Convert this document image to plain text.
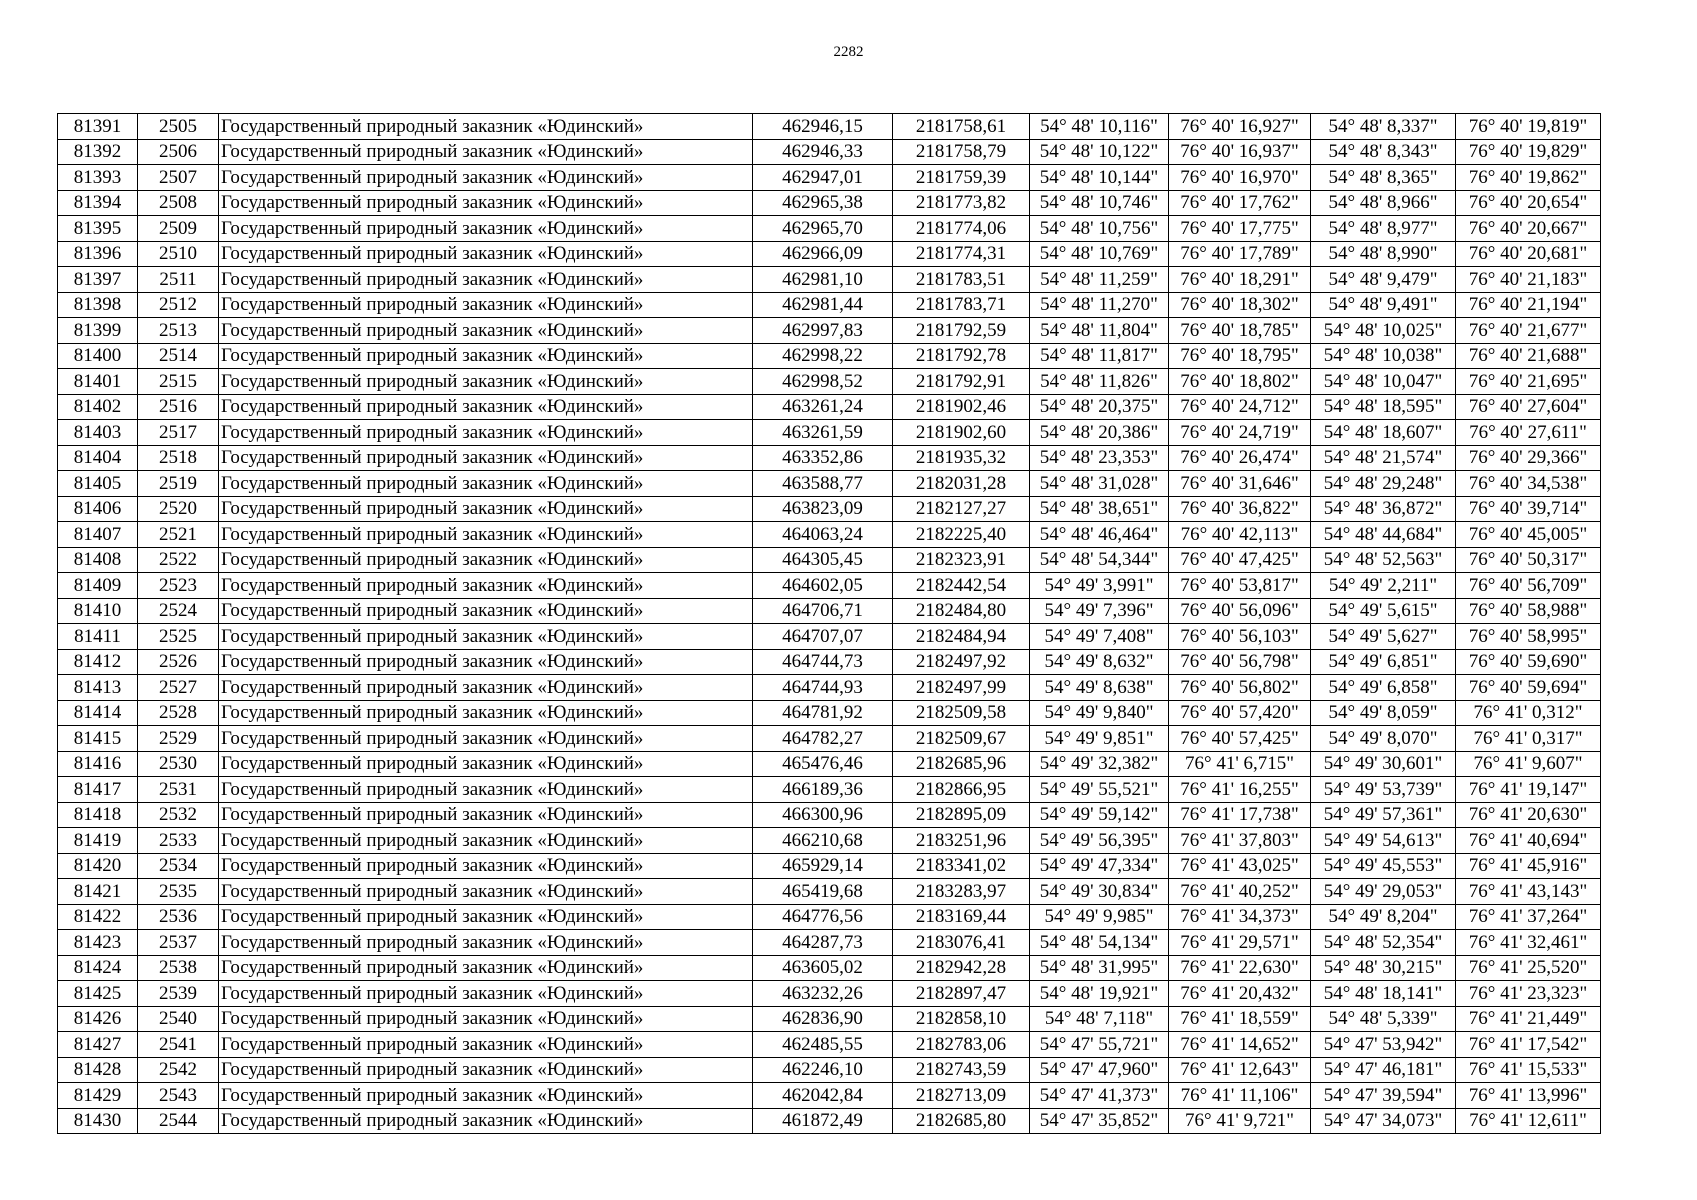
2282
81391	2505	Государственный природный заказник «Юдинский»	462946,15	2181758,61	54° 48' 10,116"	76° 40' 16,927"	54° 48' 8,337"	76° 40' 19,819"
81392	2506	Государственный природный заказник «Юдинский»	462946,33	2181758,79	54° 48' 10,122"	76° 40' 16,937"	54° 48' 8,343"	76° 40' 19,829"
81393	2507	Государственный природный заказник «Юдинский»	462947,01	2181759,39	54° 48' 10,144"	76° 40' 16,970"	54° 48' 8,365"	76° 40' 19,862"
81394	2508	Государственный природный заказник «Юдинский»	462965,38	2181773,82	54° 48' 10,746"	76° 40' 17,762"	54° 48' 8,966"	76° 40' 20,654"
81395	2509	Государственный природный заказник «Юдинский»	462965,70	2181774,06	54° 48' 10,756"	76° 40' 17,775"	54° 48' 8,977"	76° 40' 20,667"
81396	2510	Государственный природный заказник «Юдинский»	462966,09	2181774,31	54° 48' 10,769"	76° 40' 17,789"	54° 48' 8,990"	76° 40' 20,681"
81397	2511	Государственный природный заказник «Юдинский»	462981,10	2181783,51	54° 48' 11,259"	76° 40' 18,291"	54° 48' 9,479"	76° 40' 21,183"
81398	2512	Государственный природный заказник «Юдинский»	462981,44	2181783,71	54° 48' 11,270"	76° 40' 18,302"	54° 48' 9,491"	76° 40' 21,194"
81399	2513	Государственный природный заказник «Юдинский»	462997,83	2181792,59	54° 48' 11,804"	76° 40' 18,785"	54° 48' 10,025"	76° 40' 21,677"
81400	2514	Государственный природный заказник «Юдинский»	462998,22	2181792,78	54° 48' 11,817"	76° 40' 18,795"	54° 48' 10,038"	76° 40' 21,688"
81401	2515	Государственный природный заказник «Юдинский»	462998,52	2181792,91	54° 48' 11,826"	76° 40' 18,802"	54° 48' 10,047"	76° 40' 21,695"
81402	2516	Государственный природный заказник «Юдинский»	463261,24	2181902,46	54° 48' 20,375"	76° 40' 24,712"	54° 48' 18,595"	76° 40' 27,604"
81403	2517	Государственный природный заказник «Юдинский»	463261,59	2181902,60	54° 48' 20,386"	76° 40' 24,719"	54° 48' 18,607"	76° 40' 27,611"
81404	2518	Государственный природный заказник «Юдинский»	463352,86	2181935,32	54° 48' 23,353"	76° 40' 26,474"	54° 48' 21,574"	76° 40' 29,366"
81405	2519	Государственный природный заказник «Юдинский»	463588,77	2182031,28	54° 48' 31,028"	76° 40' 31,646"	54° 48' 29,248"	76° 40' 34,538"
81406	2520	Государственный природный заказник «Юдинский»	463823,09	2182127,27	54° 48' 38,651"	76° 40' 36,822"	54° 48' 36,872"	76° 40' 39,714"
81407	2521	Государственный природный заказник «Юдинский»	464063,24	2182225,40	54° 48' 46,464"	76° 40' 42,113"	54° 48' 44,684"	76° 40' 45,005"
81408	2522	Государственный природный заказник «Юдинский»	464305,45	2182323,91	54° 48' 54,344"	76° 40' 47,425"	54° 48' 52,563"	76° 40' 50,317"
81409	2523	Государственный природный заказник «Юдинский»	464602,05	2182442,54	54° 49' 3,991"	76° 40' 53,817"	54° 49' 2,211"	76° 40' 56,709"
81410	2524	Государственный природный заказник «Юдинский»	464706,71	2182484,80	54° 49' 7,396"	76° 40' 56,096"	54° 49' 5,615"	76° 40' 58,988"
81411	2525	Государственный природный заказник «Юдинский»	464707,07	2182484,94	54° 49' 7,408"	76° 40' 56,103"	54° 49' 5,627"	76° 40' 58,995"
81412	2526	Государственный природный заказник «Юдинский»	464744,73	2182497,92	54° 49' 8,632"	76° 40' 56,798"	54° 49' 6,851"	76° 40' 59,690"
81413	2527	Государственный природный заказник «Юдинский»	464744,93	2182497,99	54° 49' 8,638"	76° 40' 56,802"	54° 49' 6,858"	76° 40' 59,694"
81414	2528	Государственный природный заказник «Юдинский»	464781,92	2182509,58	54° 49' 9,840"	76° 40' 57,420"	54° 49' 8,059"	76° 41' 0,312"
81415	2529	Государственный природный заказник «Юдинский»	464782,27	2182509,67	54° 49' 9,851"	76° 40' 57,425"	54° 49' 8,070"	76° 41' 0,317"
81416	2530	Государственный природный заказник «Юдинский»	465476,46	2182685,96	54° 49' 32,382"	76° 41' 6,715"	54° 49' 30,601"	76° 41' 9,607"
81417	2531	Государственный природный заказник «Юдинский»	466189,36	2182866,95	54° 49' 55,521"	76° 41' 16,255"	54° 49' 53,739"	76° 41' 19,147"
81418	2532	Государственный природный заказник «Юдинский»	466300,96	2182895,09	54° 49' 59,142"	76° 41' 17,738"	54° 49' 57,361"	76° 41' 20,630"
81419	2533	Государственный природный заказник «Юдинский»	466210,68	2183251,96	54° 49' 56,395"	76° 41' 37,803"	54° 49' 54,613"	76° 41' 40,694"
81420	2534	Государственный природный заказник «Юдинский»	465929,14	2183341,02	54° 49' 47,334"	76° 41' 43,025"	54° 49' 45,553"	76° 41' 45,916"
81421	2535	Государственный природный заказник «Юдинский»	465419,68	2183283,97	54° 49' 30,834"	76° 41' 40,252"	54° 49' 29,053"	76° 41' 43,143"
81422	2536	Государственный природный заказник «Юдинский»	464776,56	2183169,44	54° 49' 9,985"	76° 41' 34,373"	54° 49' 8,204"	76° 41' 37,264"
81423	2537	Государственный природный заказник «Юдинский»	464287,73	2183076,41	54° 48' 54,134"	76° 41' 29,571"	54° 48' 52,354"	76° 41' 32,461"
81424	2538	Государственный природный заказник «Юдинский»	463605,02	2182942,28	54° 48' 31,995"	76° 41' 22,630"	54° 48' 30,215"	76° 41' 25,520"
81425	2539	Государственный природный заказник «Юдинский»	463232,26	2182897,47	54° 48' 19,921"	76° 41' 20,432"	54° 48' 18,141"	76° 41' 23,323"
81426	2540	Государственный природный заказник «Юдинский»	462836,90	2182858,10	54° 48' 7,118"	76° 41' 18,559"	54° 48' 5,339"	76° 41' 21,449"
81427	2541	Государственный природный заказник «Юдинский»	462485,55	2182783,06	54° 47' 55,721"	76° 41' 14,652"	54° 47' 53,942"	76° 41' 17,542"
81428	2542	Государственный природный заказник «Юдинский»	462246,10	2182743,59	54° 47' 47,960"	76° 41' 12,643"	54° 47' 46,181"	76° 41' 15,533"
81429	2543	Государственный природный заказник «Юдинский»	462042,84	2182713,09	54° 47' 41,373"	76° 41' 11,106"	54° 47' 39,594"	76° 41' 13,996"
81430	2544	Государственный природный заказник «Юдинский»	461872,49	2182685,80	54° 47' 35,852"	76° 41' 9,721"	54° 47' 34,073"	76° 41' 12,611"
